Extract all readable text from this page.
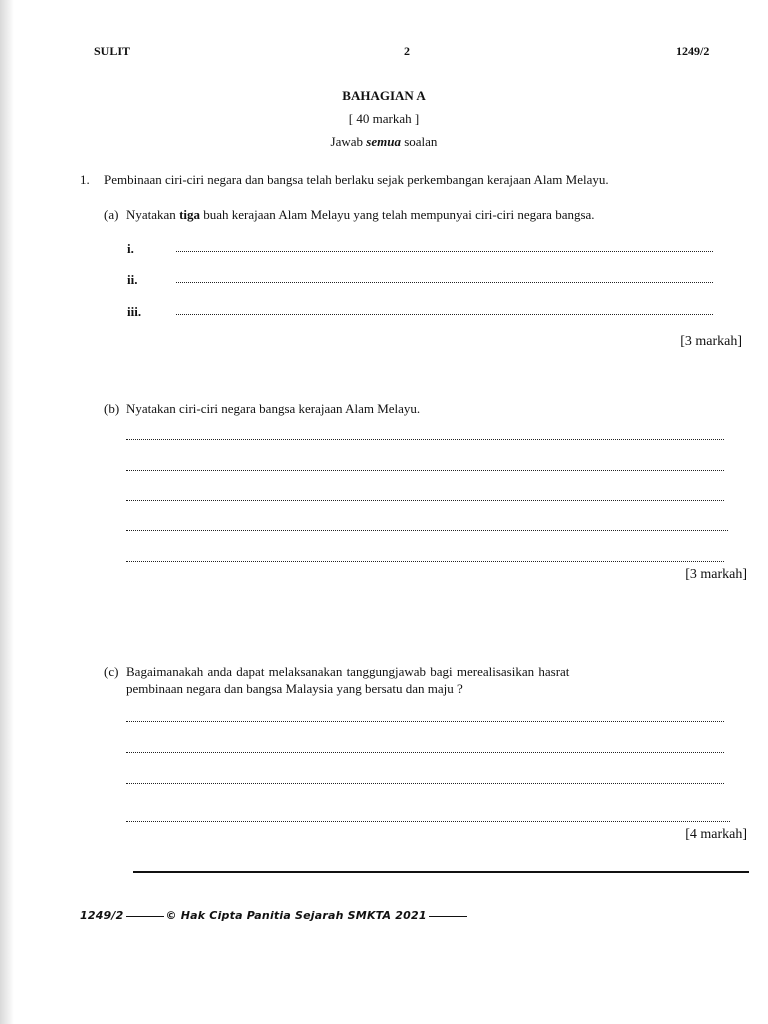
SULIT	2	1249/2
BAHAGIAN A
[ 40 markah ]
Jawab semua soalan
1. Pembinaan ciri-ciri negara dan bangsa telah berlaku sejak perkembangan kerajaan Alam Melayu.
(a) Nyatakan tiga buah kerajaan Alam Melayu yang telah mempunyai ciri-ciri negara bangsa.
i.
ii.
iii.
[3 markah]
(b) Nyatakan ciri-ciri negara bangsa kerajaan Alam Melayu.
[3 markah]
(c) Bagaimanakah anda dapat melaksanakan tanggungjawab bagi merealisasikan hasrat
pembinaan negara dan bangsa Malaysia yang bersatu dan maju ?
[4 markah]
1249/2	© Hak Cipta Panitia Sejarah SMKTA 2021
